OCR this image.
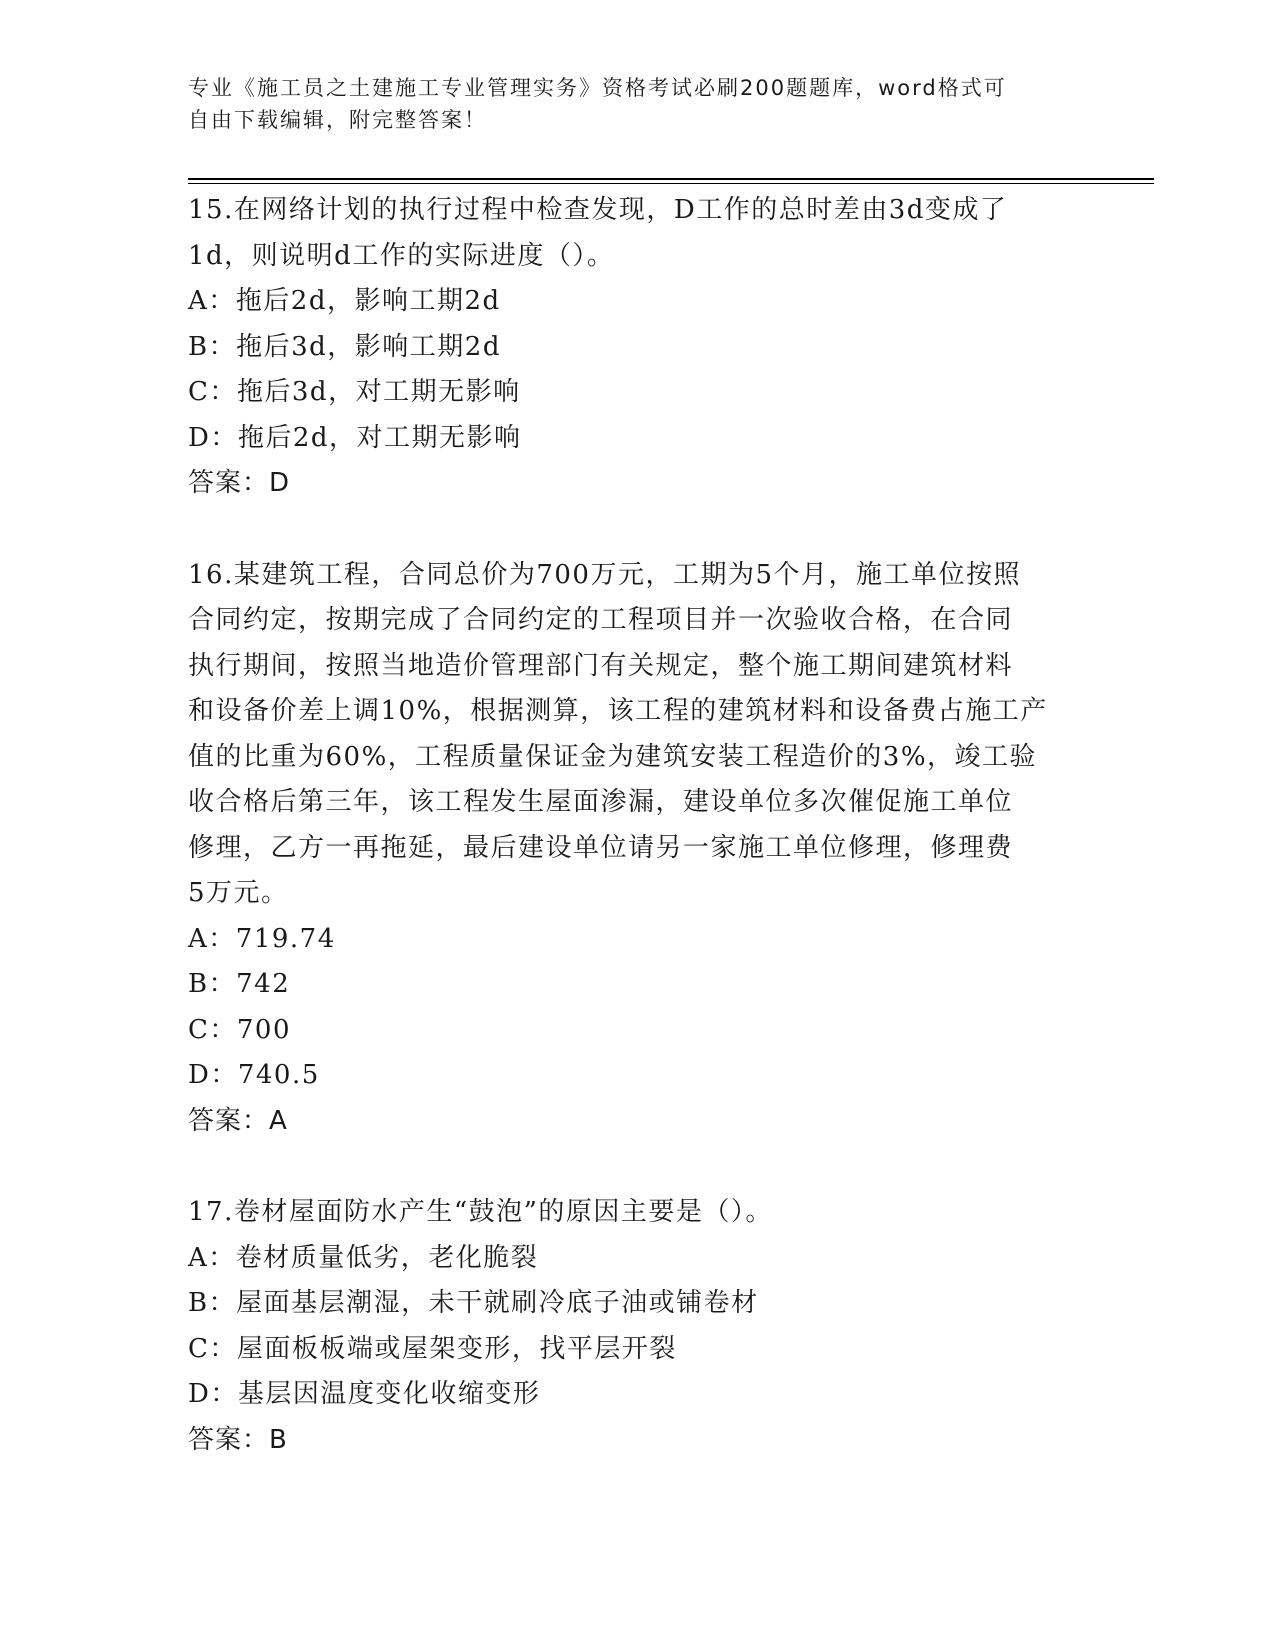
专业《施工员之土建施工专业管理实务》资格考试必刷200题题库，word格式可
自由下载编辑，附完整答案！

15.在网络计划的执行过程中检查发现，D工作的总时差由3d变成了

1d，则说明d工作的实际进度（）。

A：拖后2d，影响工期2d

B：拖后3d，影响工期2d

C：拖后3d，对工期无影响

D：拖后2d，对工期无影响

答案：D

16.某建筑工程，合同总价为700万元，工期为5个月，施工单位按照

合同约定，按期完成了合同约定的工程项目并一次验收合格，在合同

执行期间，按照当地造价管理部门有关规定，整个施工期间建筑材料

和设备价差上调10%，根据测算，该工程的建筑材料和设备费占施工产

值的比重为60%，工程质量保证金为建筑安装工程造价的3%，竣工验

收合格后第三年，该工程发生屋面渗漏，建设单位多次催促施工单位

修理，乙方一再拖延，最后建设单位请另一家施工单位修理，修理费

5万元。

A：719.74

B：742

C：700

D：740.5

答案：A

17.卷材屋面防水产生“鼓泡”的原因主要是（）。

A：卷材质量低劣，老化脆裂

B：屋面基层潮湿，未干就刷冷底子油或铺卷材

C：屋面板板端或屋架变形，找平层开裂

D：基层因温度变化收缩变形

答案：B
